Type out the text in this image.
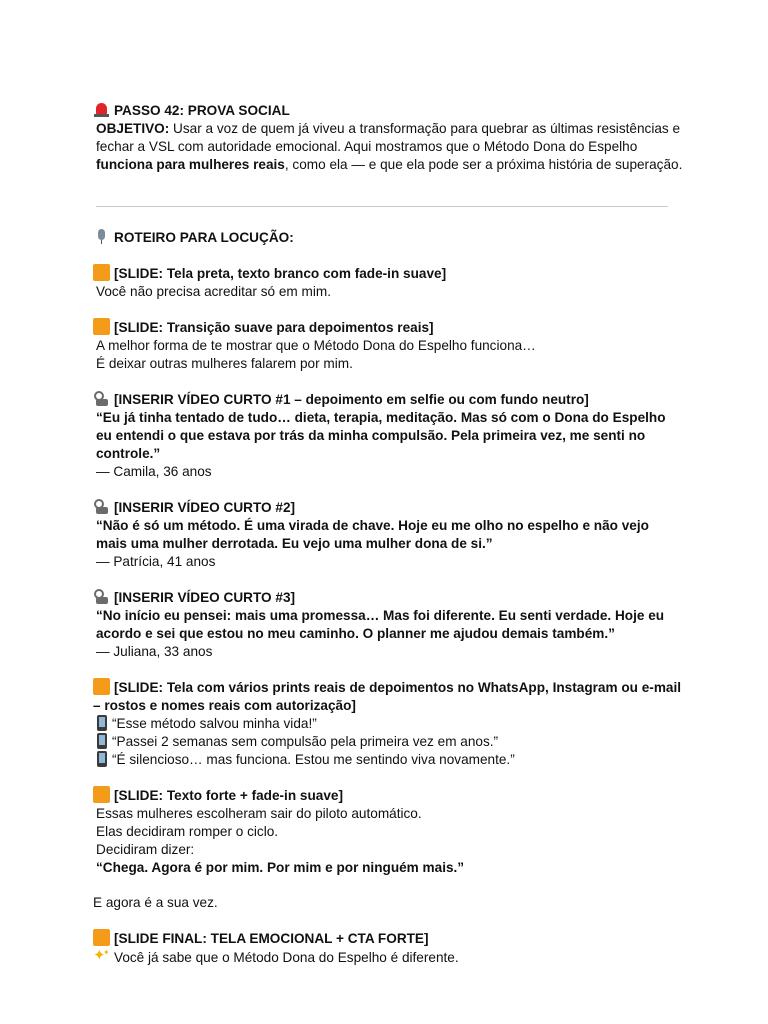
PASSO 42: PROVA SOCIAL
OBJETIVO: Usar a voz de quem já viveu a transformação para quebrar as últimas resistências e fechar a VSL com autoridade emocional. Aqui mostramos que o Método Dona do Espelho funciona para mulheres reais, como ela — e que ela pode ser a próxima história de superação.
ROTEIRO PARA LOCUÇÃO:
[SLIDE: Tela preta, texto branco com fade-in suave]
Você não precisa acreditar só em mim.
[SLIDE: Transição suave para depoimentos reais]
A melhor forma de te mostrar que o Método Dona do Espelho funciona…
É deixar outras mulheres falarem por mim.
[INSERIR VÍDEO CURTO #1 – depoimento em selfie ou com fundo neutro]
“Eu já tinha tentado de tudo… dieta, terapia, meditação. Mas só com o Dona do Espelho eu entendi o que estava por trás da minha compulsão. Pela primeira vez, me senti no controle.”
— Camila, 36 anos
[INSERIR VÍDEO CURTO #2]
“Não é só um método. É uma virada de chave. Hoje eu me olho no espelho e não vejo mais uma mulher derrotada. Eu vejo uma mulher dona de si.”
— Patrícia, 41 anos
[INSERIR VÍDEO CURTO #3]
“No início eu pensei: mais uma promessa… Mas foi diferente. Eu senti verdade. Hoje eu acordo e sei que estou no meu caminho. O planner me ajudou demais também.”
— Juliana, 33 anos
[SLIDE: Tela com vários prints reais de depoimentos no WhatsApp, Instagram ou e-mail – rostos e nomes reais com autorização]
“Esse método salvou minha vida!”
“Passei 2 semanas sem compulsão pela primeira vez em anos.”
“É silencioso… mas funciona. Estou me sentindo viva novamente.”
[SLIDE: Texto forte + fade-in suave]
Essas mulheres escolheram sair do piloto automático.
Elas decidiram romper o ciclo.
Decidiram dizer:
“Chega. Agora é por mim. Por mim e por ninguém mais.”
E agora é a sua vez.
[SLIDE FINAL: TELA EMOCIONAL + CTA FORTE]
✦ ✦Você já sabe que o Método Dona do Espelho é diferente.
